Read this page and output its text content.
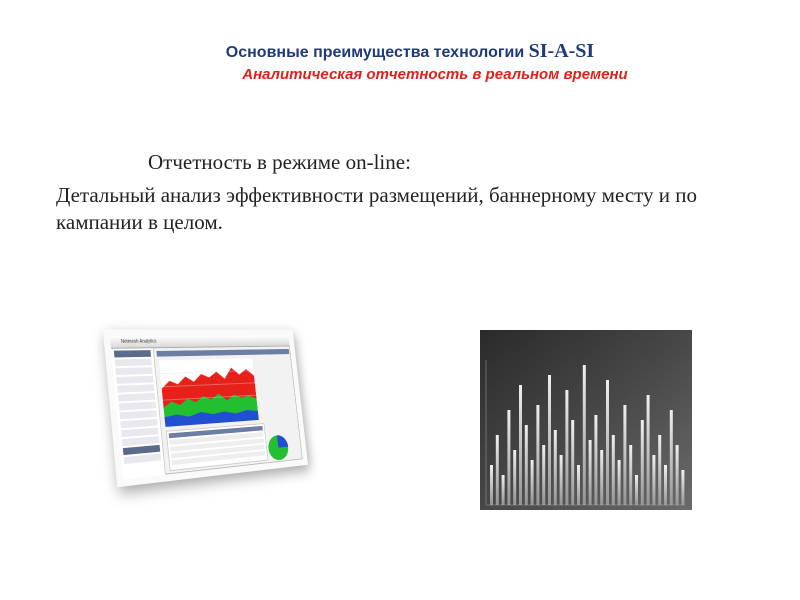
Основные преимущества технологии SI-A-SI
Аналитическая отчетность в реальном времени
Отчетность в режиме on-line:
Детальный анализ эффективности размещений, баннерному месту и по кампании в целом.
Netmesh Analytics
